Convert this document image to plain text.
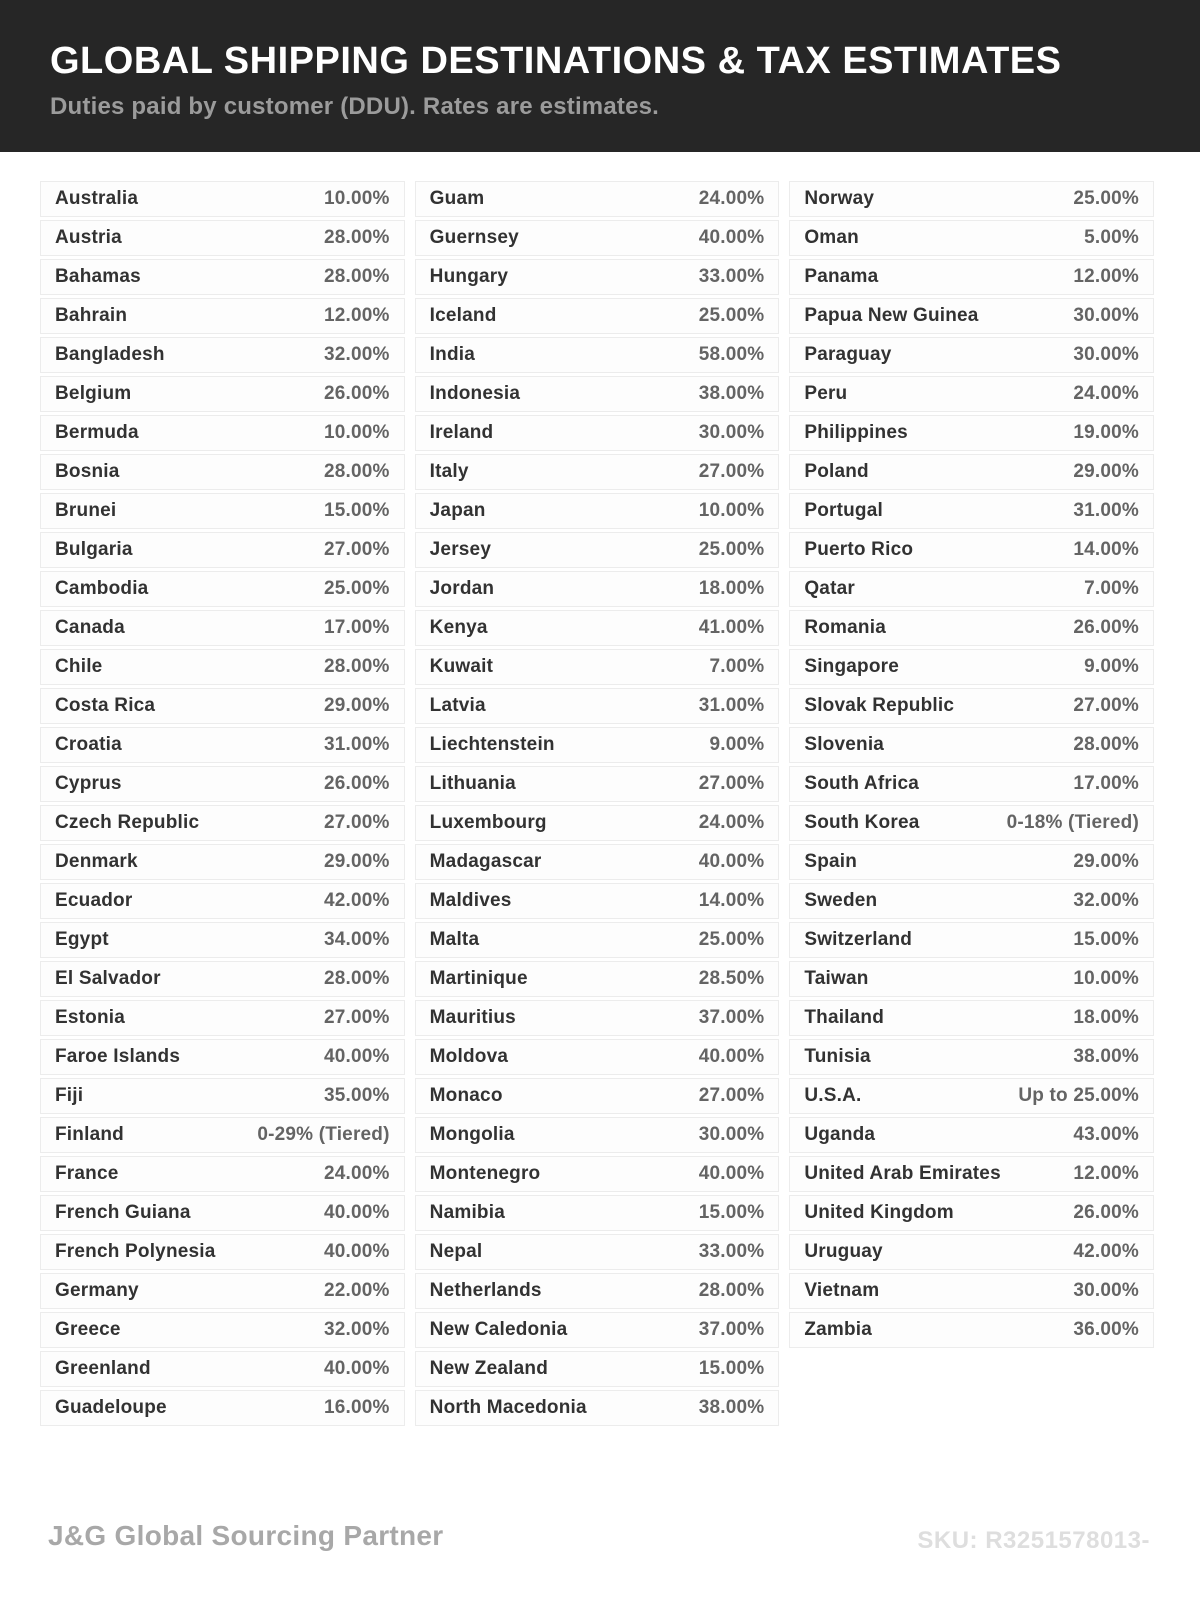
GLOBAL SHIPPING DESTINATIONS & TAX ESTIMATES
Duties paid by customer (DDU). Rates are estimates.
Australia	10.00%
Austria	28.00%
Bahamas	28.00%
Bahrain	12.00%
Bangladesh	32.00%
Belgium	26.00%
Bermuda	10.00%
Bosnia	28.00%
Brunei	15.00%
Bulgaria	27.00%
Cambodia	25.00%
Canada	17.00%
Chile	28.00%
Costa Rica	29.00%
Croatia	31.00%
Cyprus	26.00%
Czech Republic	27.00%
Denmark	29.00%
Ecuador	42.00%
Egypt	34.00%
El Salvador	28.00%
Estonia	27.00%
Faroe Islands	40.00%
Fiji	35.00%
Finland	0-29% (Tiered)
France	24.00%
French Guiana	40.00%
French Polynesia	40.00%
Germany	22.00%
Greece	32.00%
Greenland	40.00%
Guadeloupe	16.00%
Guam	24.00%
Guernsey	40.00%
Hungary	33.00%
Iceland	25.00%
India	58.00%
Indonesia	38.00%
Ireland	30.00%
Italy	27.00%
Japan	10.00%
Jersey	25.00%
Jordan	18.00%
Kenya	41.00%
Kuwait	7.00%
Latvia	31.00%
Liechtenstein	9.00%
Lithuania	27.00%
Luxembourg	24.00%
Madagascar	40.00%
Maldives	14.00%
Malta	25.00%
Martinique	28.50%
Mauritius	37.00%
Moldova	40.00%
Monaco	27.00%
Mongolia	30.00%
Montenegro	40.00%
Namibia	15.00%
Nepal	33.00%
Netherlands	28.00%
New Caledonia	37.00%
New Zealand	15.00%
North Macedonia	38.00%
Norway	25.00%
Oman	5.00%
Panama	12.00%
Papua New Guinea	30.00%
Paraguay	30.00%
Peru	24.00%
Philippines	19.00%
Poland	29.00%
Portugal	31.00%
Puerto Rico	14.00%
Qatar	7.00%
Romania	26.00%
Singapore	9.00%
Slovak Republic	27.00%
Slovenia	28.00%
South Africa	17.00%
South Korea	0-18% (Tiered)
Spain	29.00%
Sweden	32.00%
Switzerland	15.00%
Taiwan	10.00%
Thailand	18.00%
Tunisia	38.00%
U.S.A.	Up to 25.00%
Uganda	43.00%
United Arab Emirates	12.00%
United Kingdom	26.00%
Uruguay	42.00%
Vietnam	30.00%
Zambia	36.00%
J&G Global Sourcing Partner	SKU: R3251578013-
